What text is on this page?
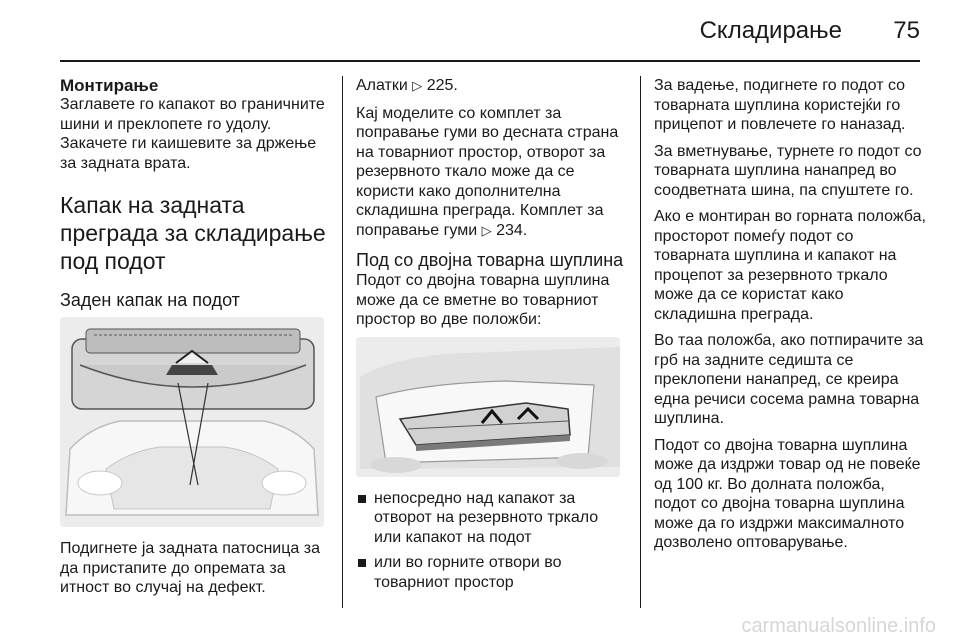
Складирање 75
Монтирање

Заглавете го капакот во граничните шини и преклопете го удолу. Закачете ги каишевите за држење за задната врата.

Капак на задната преграда за складирање под подот
Заден капак на подот

Подигнете ја задната патосница за да пристапите до опремата за итност во случај на дефект.

Алатки ▷ 225.

Кај моделите со комплет за поправање гуми во десната страна на товарниот простор, отворот за резервното ткало може да се користи како дополнителна складишна преграда. Комплет за поправање гуми ▷ 234.

Под со двојна товарна шуплина

Подот со двојна товарна шуплина може да се вметне во товарниот простор во две положби:

непосредно над капакот за отворот на резервното тркало или капакот на подот
или во горните отвори во товарниот простор

За вадење, подигнете го подот со товарната шуплина користејќи го прицепот и повлечете го наназад.

За вметнување, турнете го подот со товарната шуплина нанапред во соодветната шина, па спуштете го.

Ако е монтиран во горната положба, просторот помеѓу подот со товарната шуплина и капакот на процепот за резервното тркало може да се користат како складишна преграда.

Во таа положба, ако потпирачите за грб на задните седишта се преклопени нанапред, се креира една речиси сосема рамна товарна шуплина.

Подот со двојна товарна шуплина може да издржи товар од не повеќе од 100 кг. Во долната положба, подот со двојна товарна шуплина може да го издржи максималното дозволено оптоварување.

carmanualsonline.info
